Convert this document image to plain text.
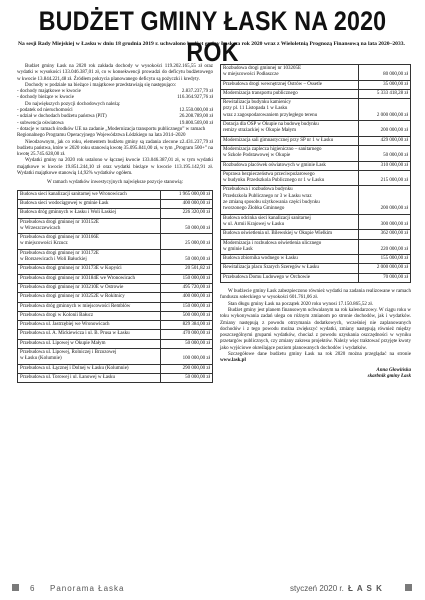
BUDŻET GMINY ŁASK NA 2020 ROK
Na sesji Rady Miejskiej w Łasku w dniu 18 grudnia 2019 r. uchwalono budżet gminy Łask na rok 2020 wraz z Wieloletnią Prognozą Finansową na lata 2020–2033.
Budżet gminy Łask na 2020 rok zakłada dochody w wysokości 119.202.165,55 zł oraz wydatki w wysokości 133.046.387,01 zł, co w konsekwencji prowadzi do deficytu budżetowego w kwocie 13.844.221,48 zł. Źródłem pokrycia planowanego deficytu są pożyczki i kredyty.
Dochody w podziale na bieżące i majątkowe przedstawiają się następująco:
- dochody majątkowe w kwocie	2.837.237,79 zł
- dochody bieżące w kwocie	116.364.927,76 zł
Do największych pozycji dochodowych należą:
- podatek od nieruchomości	12.550.000,00 zł
- udział w dochodach budżetu państwa (PIT)	26.208.789,00 zł
- subwencja oświatowa	19.800.569,00 zł
- dotacje w ramach środków UE na zadanie „Modernizacja transportu publicznego” w ramach Regionalnego Programu Operacyjnego Województwa Łódzkiego na lata 2014–2020
2.431.237,79 zł
Nieodzownym, jak co roku, elementem budżetu gminy są zadania zlecone z budżetu państwa, które w 2020 roku stanowią kwotę 35.095.841,00 zł, w tym „Program 500+” na kwotę 25.745.628,00 zł.
Wydatki gminy na 2020 rok ustalono w łącznej kwocie 133.046.387,01 zł, w tym wydatki majątkowe w kwocie 19.851.244,10 zł oraz wydatki bieżące w kwocie 113.195.142,91 zł. Wydatki majątkowe stanowią 14,92% wydatków ogółem.
W ramach wydatków inwestycyjnych największe pozycje stanowią:
Budowa sieci kanalizacji sanitarnej we Wronowicach	1 965 000,00 zł
Budowa sieci wodociągowej w gminie Łask	400 000,00 zł
Budowa dróg gminnych w Łasku i Woli Łaskiej	226 320,00 zł
Przebudowa drogi gminnej nr 103152E
w Wrzeszczewicach	50 000,00 zł
Przebudowa drogi gminnej nr 103166E
w miejscowości Krzucz	25 000,00 zł
Przebudowa drogi gminnej nr 103172E
w Borszewicach i Woli Bałuckiej	50 000,00 zł
Przebudowa drogi gminnej nr 103173E w Kopyści	20 501,82 zł
Przebudowa drogi gminnej nr 103184E we Wronowicach	150 000,00 zł
Przebudowa drogi gminnej nr 103210E w Ostrowie	495 720,00 zł
Przebudowa drogi gminnej nr 103252E w Rokitnicy	400 000,00 zł
Przebudowa dróg gminnych w miejscowości Remblów	150 000,00 zł
Przebudowa drogi w Kolonii Bałucz	500 000,00 zł
Przebudowa ul. Jastrzębiej we Wronowicach	829 384,00 zł
Przebudowa ul. A. Mickiewicza i ul. B. Prusa w Łasku	470 000,00 zł
Przebudowa ul. Lipowej w Okupie Małym	50 000,00 zł
Przebudowa ul. Lipowej, Rolniczej i Brzozowej
w Łasku (Kolumnie)	100 000,00 zł
Przebudowa ul. Łącznej i Dolnej w Łasku (Kolumnie)	290 000,00 zł
Przebudowa ul. Torowej i ul. Łanowej w Łasku	50 000,00 zł
Rozbudowa drogi gminnej nr 103205E
w miejscowości Podłaszcze	80 000,00 zł
Przebudowa drogi wewnętrznej Ostrów – Ossetle	35 000,00 zł
Modernizacja transportu publicznego	5 333 418,28 zł
Rewitalizacja budynku kamienicy
przy pl. 11 Listopada 1 w Łasku
wraz z zagospodarowaniem przyległego terenu	2 000 000,00 zł
Dotacja dla OSP w Okupie na budowę budynku
remizy strażackiej w Okupie Małym	200 000,00 zł
Modernizacja sali gimnastycznej przy SP nr 1 w Łasku	429 000,00 zł
Modernizacja zaplecza higieniczno – sanitarnego
w Szkole Podstawowej w Okupie	50 000,00 zł
Rozbudowa placówek oświatowych w gminie Łask	310 000,00 zł
Poprawa bezpieczeństwa przeciwpożarowego
w budynku Przedszkola Publicznego nr 1 w Łasku	215 000,00 zł
Przebudowa i rozbudowa budynku
Przedszkola Publicznego nr 3 w Łasku wraz
ze zmianą sposobu użytkowania części budynku
tworzonego Żłobka Gminnego	200 000,00 zł
Budowa odcinka sieci kanalizacji sanitarnej
w ul. Armii Krajowej w Łasku	300 000,00 zł
Budowa oświetlenia ul. Bilewskiej w Okupie Wielkim	362 000,00 zł
Modernizacja i rozbudowa oświetlenia ulicznego
w gminie Łask	220 000,00 zł
Budowa zbiornika wodnego w Łasku	155 000,00 zł
Rewitalizacja placu Szarych Szeregów w Łasku	2 000 000,00 zł
Przebudowa Domu Ludowego w Orchowie	70 000,00 zł
W budżecie gminy Łask zabezpieczono również wydatki na zadania realizowane w ramach funduszu sołeckiego w wysokości 601.761,06 zł.
Stan długu gminy Łask na początek 2020 roku wynosi 17.150.865,52 zł.
Budżet gminy jest planem finansowym uchwalanym na rok kalendarzowy. W ciągu roku w toku wykonywania zadań ulega on różnym zmianom po stronie dochodów, jak i wydatków. Zmiany następują z powodu otrzymania dodatkowych, wcześniej nie zaplanowanych dochodów i z tego powodu można zwiększyć wydatki, zmiany następują również między poszczególnymi grupami wydatków, chociaż z powodu uzyskania oszczędności w wyniku przetargów publicznych, czy zmiany zakresu projektów. Należy więc traktować przyjęte kwoty jako wyjściowe określające poziom planowanych dochodów i wydatków.
Szczegółowe dane budżetu gminy Łask na rok 2020 można przeglądać na stronie www.lask.pl
Anna Głowińska
skarbnik gminy Łask
6 Panorama Łaska	styczeń 2020 r. Ł A S K
